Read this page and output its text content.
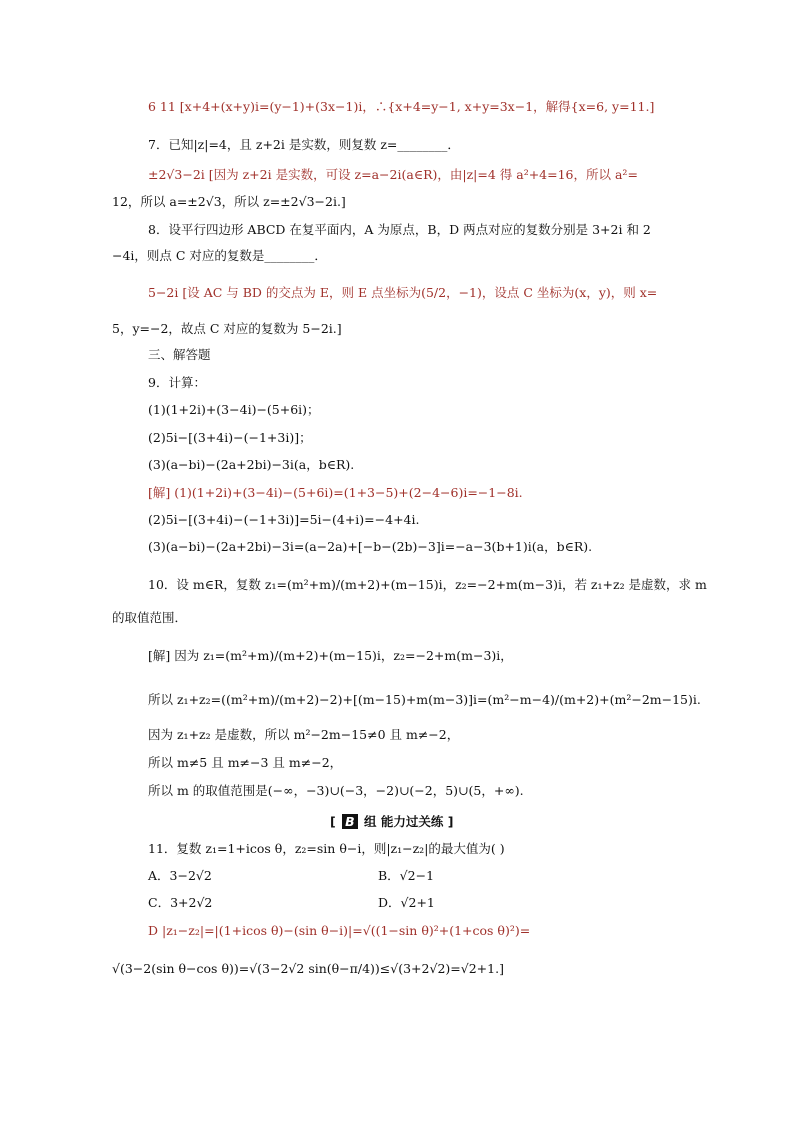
6 11 [x+4+(x+y)i=(y−1)+(3x−1)i，∴{x+4=y−1, x+y=3x−1，解得{x=6, y=11.]
7．已知|z|=4，且 z+2i 是实数，则复数 z=________．
±2√3−2i [因为 z+2i 是实数，可设 z=a−2i(a∈R)，由|z|=4 得 a²+4=16，所以 a²=
12，所以 a=±2√3，所以 z=±2√3−2i.]
8．设平行四边形 ABCD 在复平面内，A 为原点，B，D 两点对应的复数分别是 3+2i 和 2
−4i，则点 C 对应的复数是________．
5−2i [设 AC 与 BD 的交点为 E，则 E 点坐标为(5/2，−1)，设点 C 坐标为(x，y)，则 x=
5，y=−2，故点 C 对应的复数为 5−2i.]
三、解答题
9．计算：
(1)(1+2i)+(3−4i)−(5+6i)；
(2)5i−[(3+4i)−(−1+3i)]；
(3)(a−bi)−(2a+2bi)−3i(a，b∈R).
[解] (1)(1+2i)+(3−4i)−(5+6i)=(1+3−5)+(2−4−6)i=−1−8i.
(2)5i−[(3+4i)−(−1+3i)]=5i−(4+i)=−4+4i.
(3)(a−bi)−(2a+2bi)−3i=(a−2a)+[−b−(2b)−3]i=−a−3(b+1)i(a，b∈R).
10．设 m∈R，复数 z₁=(m²+m)/(m+2)+(m−15)i，z₂=−2+m(m−3)i，若 z₁+z₂ 是虚数，求 m
的取值范围．
[解] 因为 z₁=(m²+m)/(m+2)+(m−15)i，z₂=−2+m(m−3)i，
所以 z₁+z₂=((m²+m)/(m+2)−2)+[(m−15)+m(m−3)]i=(m²−m−4)/(m+2)+(m²−2m−15)i.
因为 z₁+z₂ 是虚数，所以 m²−2m−15≠0 且 m≠−2，
所以 m≠5 且 m≠−3 且 m≠−2，
所以 m 的取值范围是(−∞，−3)∪(−3，−2)∪(−2，5)∪(5，+∞).
[ B 组 能力过关练 ]
11．复数 z₁=1+icos θ，z₂=sin θ−i，则|z₁−z₂|的最大值为( )
A．3−2√2	B．√2−1
C．3+2√2	D．√2+1
D |z₁−z₂|=|(1+icos θ)−(sin θ−i)|=√((1−sin θ)²+(1+cos θ)²)=
√(3−2(sin θ−cos θ))=√(3−2√2 sin(θ−π/4))≤√(3+2√2)=√2+1.]
